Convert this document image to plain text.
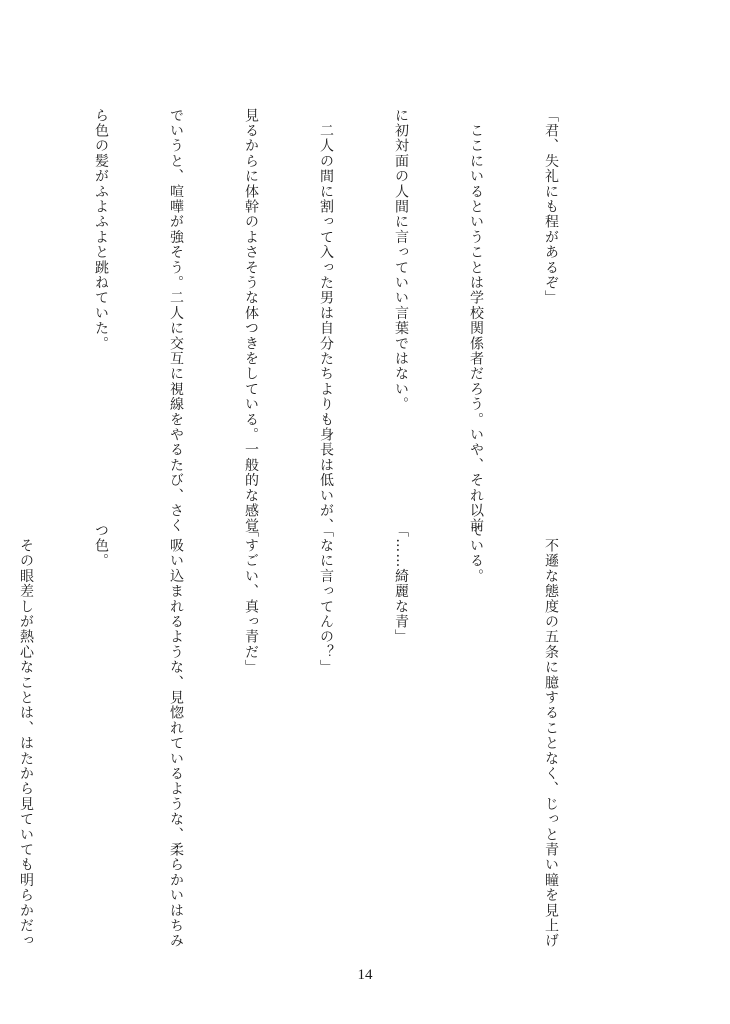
「君、失礼にも程があるぞ」

　ここにいるということは学校関係者だろう。いや、それ以前

に初対面の人間に言っていい言葉ではない。

　二人の間に割って入った男は自分たちよりも身長は低いが、

見るからに体幹のよさそうな体つきをしている。一般的な感覚

でいうと、喧嘩が強そう。二人に交互に視線をやるたび、さく

ら色の髪がふよふよと跳ねていた。

　不遜な態度の五条に臆することなく、じっと青い瞳を見上げ

ている。

「……綺麗な青」

「なに言ってんの？」

「すごい、真っ青だ」

　吸い込まれるような、見惚れているような、柔らかいはちみ

つ色。

　その眼差しが熱心なことは、はたから見ていても明らかだっ

14
